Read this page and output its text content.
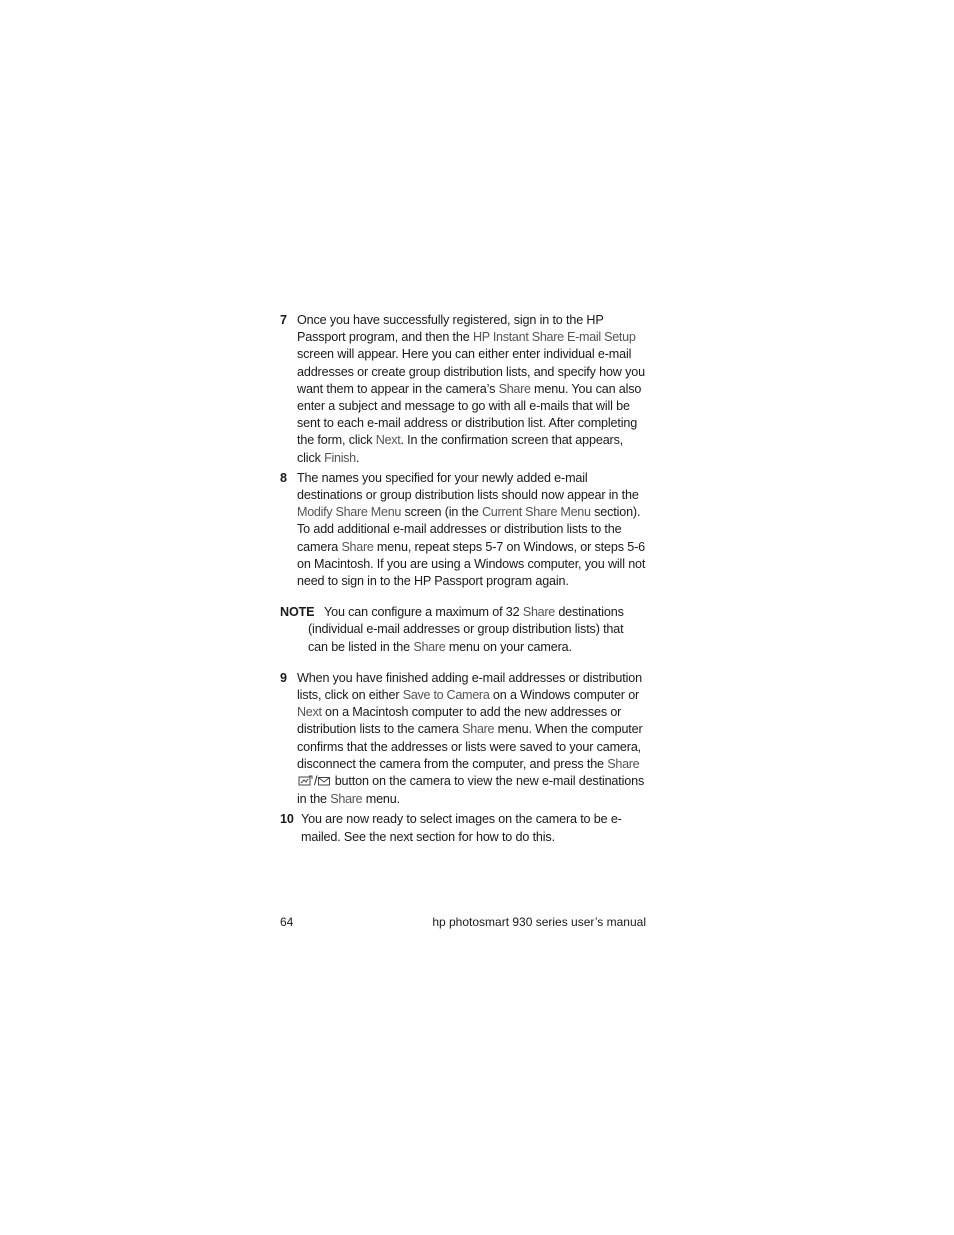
7 Once you have successfully registered, sign in to the HP Passport program, and then the HP Instant Share E-mail Setup screen will appear. Here you can either enter individual e-mail addresses or create group distribution lists, and specify how you want them to appear in the camera’s Share menu. You can also enter a subject and message to go with all e-mails that will be sent to each e-mail address or distribution list. After completing the form, click Next. In the confirmation screen that appears, click Finish.
8 The names you specified for your newly added e-mail destinations or group distribution lists should now appear in the Modify Share Menu screen (in the Current Share Menu section). To add additional e-mail addresses or distribution lists to the camera Share menu, repeat steps 5-7 on Windows, or steps 5-6 on Macintosh. If you are using a Windows computer, you will not need to sign in to the HP Passport program again.
NOTE You can configure a maximum of 32 Share destinations (individual e-mail addresses or group distribution lists) that can be listed in the Share menu on your camera.
9 When you have finished adding e-mail addresses or distribution lists, click on either Save to Camera on a Windows computer or Next on a Macintosh computer to add the new addresses or distribution lists to the camera Share menu. When the computer confirms that the addresses or lists were saved to your camera, disconnect the camera from the computer, and press the Share/ button on the camera to view the new e-mail destinations in the Share menu.
10 You are now ready to select images on the camera to be e-mailed. See the next section for how to do this.
64	hp photosmart 930 series user’s manual
